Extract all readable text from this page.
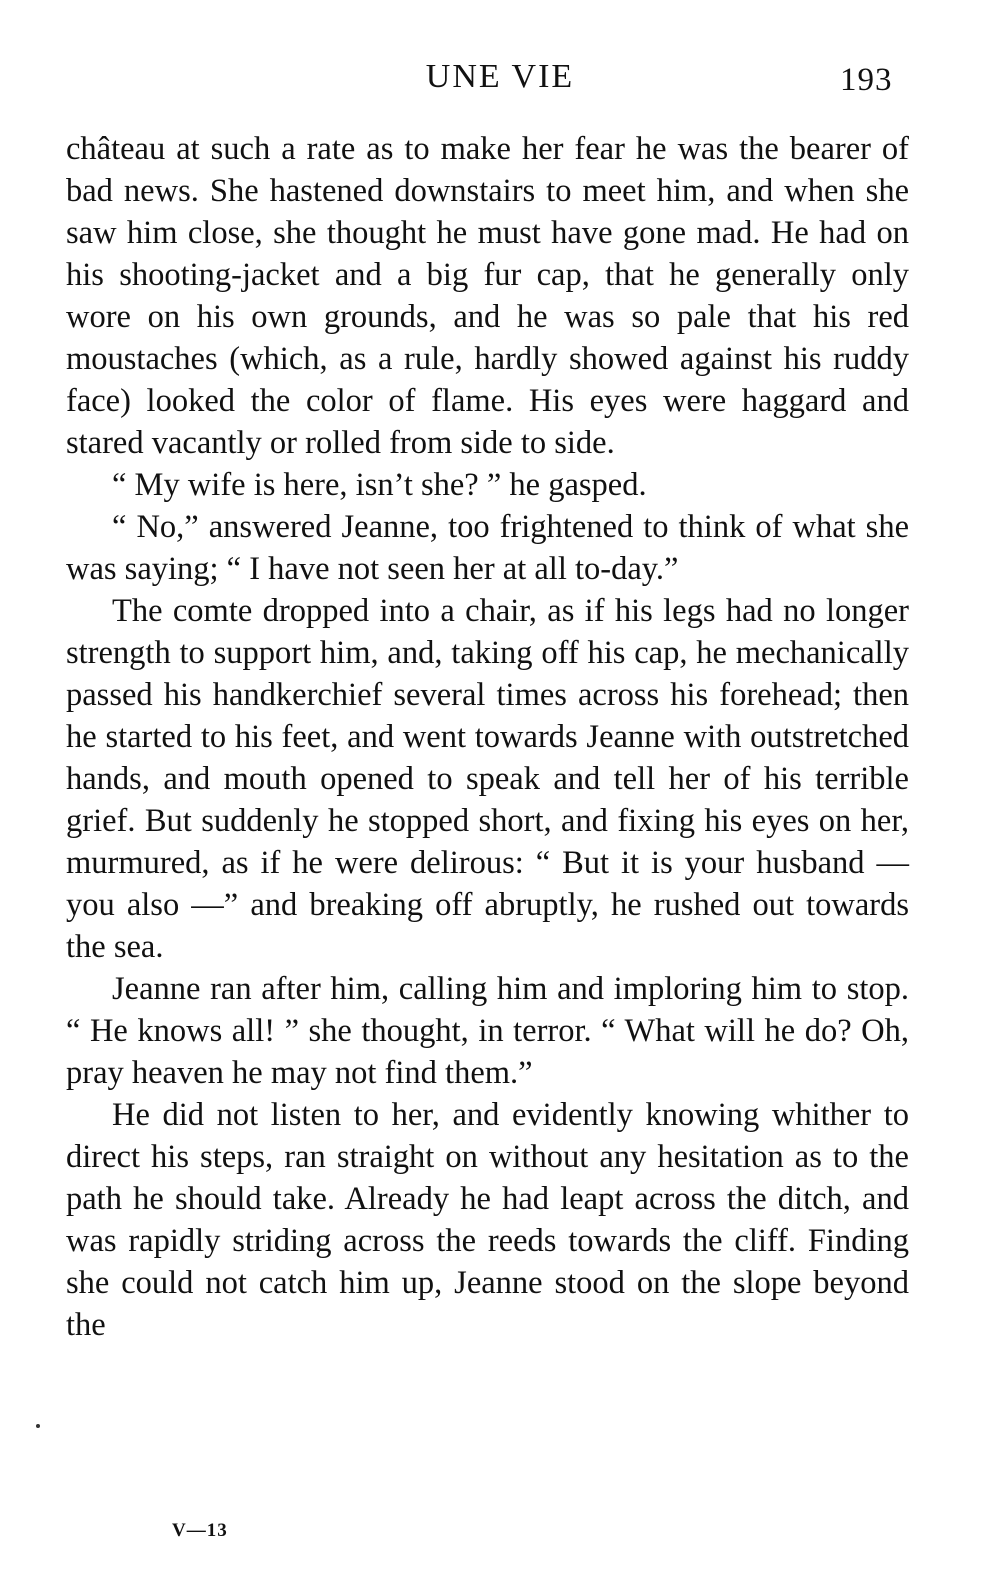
UNE VIE	193

château at such a rate as to make her fear he was the bearer of bad news. She hastened downstairs to meet him, and when she saw him close, she thought he must have gone mad. He had on his shooting-jacket and a big fur cap, that he generally only wore on his own grounds, and he was so pale that his red moustaches (which, as a rule, hardly showed against his ruddy face) looked the color of flame. His eyes were haggard and stared vacantly or rolled from side to side.

“ My wife is here, isn’t she? ” he gasped.

“ No,” answered Jeanne, too frightened to think of what she was saying; “ I have not seen her at all to-day.”

The comte dropped into a chair, as if his legs had no longer strength to support him, and, taking off his cap, he mechanically passed his handkerchief several times across his forehead; then he started to his feet, and went towards Jeanne with outstretched hands, and mouth opened to speak and tell her of his terrible grief. But suddenly he stopped short, and fixing his eyes on her, murmured, as if he were delirous: “ But it is your husband — you also —” and breaking off abruptly, he rushed out towards the sea.

Jeanne ran after him, calling him and imploring him to stop. “ He knows all! ” she thought, in terror. “ What will he do? Oh, pray heaven he may not find them.”

He did not listen to her, and evidently knowing whither to direct his steps, ran straight on without any hesitation as to the path he should take. Already he had leapt across the ditch, and was rapidly striding across the reeds towards the cliff. Finding she could not catch him up, Jeanne stood on the slope beyond the

V—13
